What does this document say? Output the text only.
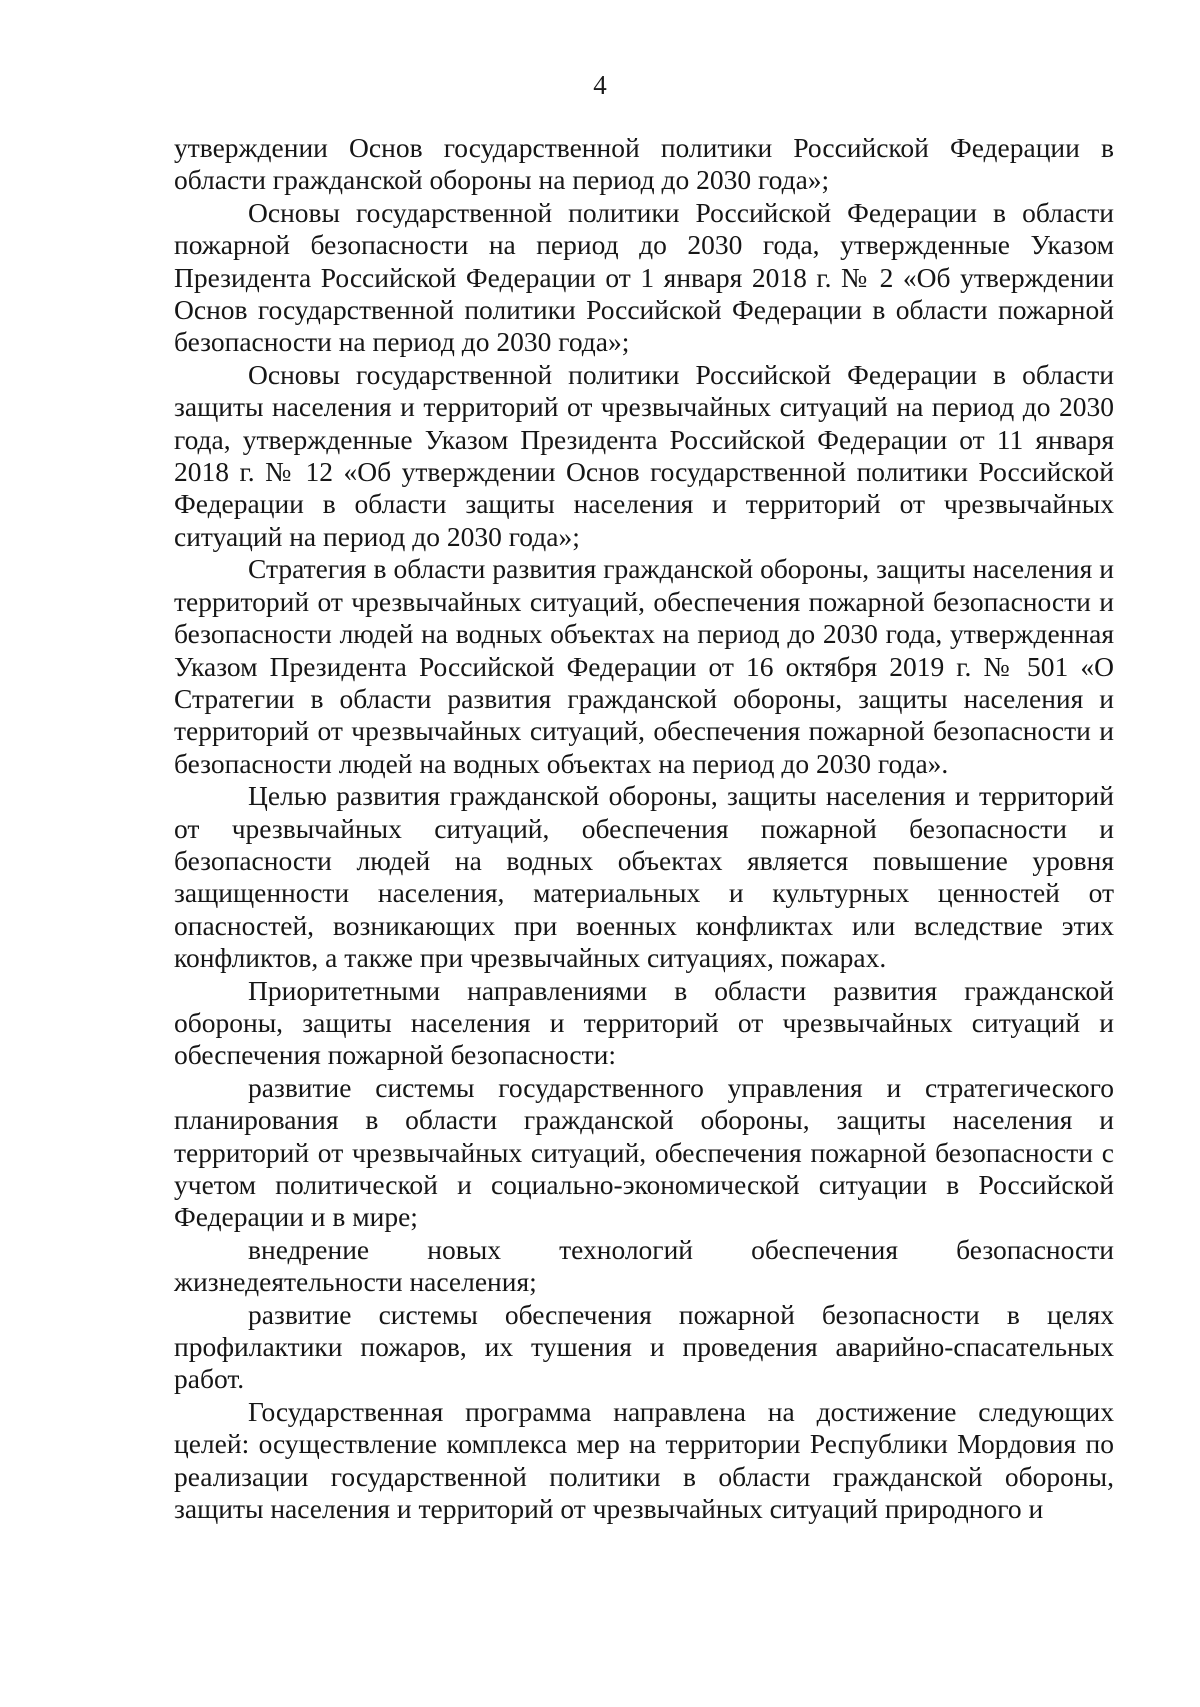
4

утверждении Основ государственной политики Российской Федерации в области гражданской обороны на период до 2030 года»;

Основы государственной политики Российской Федерации в области пожарной безопасности на период до 2030 года, утвержденные Указом Президента Российской Федерации от 1 января 2018 г. № 2 «Об утверждении Основ государственной политики Российской Федерации в области пожарной безопасности на период до 2030 года»;

Основы государственной политики Российской Федерации в области защиты населения и территорий от чрезвычайных ситуаций на период до 2030 года, утвержденные Указом Президента Российской Федерации от 11 января 2018 г. № 12 «Об утверждении Основ государственной политики Российской Федерации в области защиты населения и территорий от чрезвычайных ситуаций на период до 2030 года»;

Стратегия в области развития гражданской обороны, защиты населения и территорий от чрезвычайных ситуаций, обеспечения пожарной безопасности и безопасности людей на водных объектах на период до 2030 года, утвержденная Указом Президента Российской Федерации от 16 октября 2019 г. № 501 «О Стратегии в области развития гражданской обороны, защиты населения и территорий от чрезвычайных ситуаций, обеспечения пожарной безопасности и безопасности людей на водных объектах на период до 2030 года».

Целью развития гражданской обороны, защиты населения и территорий от чрезвычайных ситуаций, обеспечения пожарной безопасности и безопасности людей на водных объектах является повышение уровня защищенности населения, материальных и культурных ценностей от опасностей, возникающих при военных конфликтах или вследствие этих конфликтов, а также при чрезвычайных ситуациях, пожарах.

Приоритетными направлениями в области развития гражданской обороны, защиты населения и территорий от чрезвычайных ситуаций и обеспечения пожарной безопасности:

развитие системы государственного управления и стратегического планирования в области гражданской обороны, защиты населения и территорий от чрезвычайных ситуаций, обеспечения пожарной безопасности с учетом политической и социально-экономической ситуации в Российской Федерации и в мире;

внедрение новых технологий обеспечения безопасности жизнедеятельности населения;

развитие системы обеспечения пожарной безопасности в целях профилактики пожаров, их тушения и проведения аварийно-спасательных работ.

Государственная программа направлена на достижение следующих целей: осуществление комплекса мер на территории Республики Мордовия по реализации государственной политики в области гражданской обороны, защиты населения и территорий от чрезвычайных ситуаций природного и
